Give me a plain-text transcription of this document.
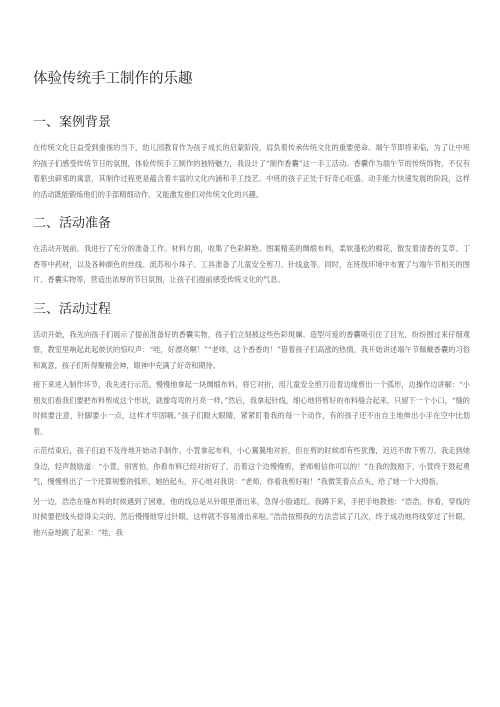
体验传统手工制作的乐趣
一、案例背景

在传统文化日益受到重视的当下，幼儿园教育作为孩子成长的启蒙阶段，肩负着传承传统文化的重要使命。端午节即将来临，为了让中班的孩子们感受传统节日的氛围，体验传统手工制作的独特魅力，我设计了“制作香囊”这一手工活动。香囊作为端午节的传统饰物，不仅有着驱虫辟邪的寓意，其制作过程更是蕴含着丰富的文化内涵和手工技艺。中班的孩子正处于好奇心旺盛、动手能力快速发展的阶段，这样的活动既能锻炼他们的手部精细动作，又能激发他们对传统文化的兴趣。

二、活动准备

在活动开展前，我进行了充分的准备工作。材料方面，收集了色彩鲜艳、图案精美的绸缎布料，柔软蓬松的棉花，散发着清香的艾草、丁香等中药材，以及各种颜色的丝线、流苏和小珠子。工具准备了儿童安全剪刀、针线盒等。同时，在班级环境中布置了与端午节相关的图片、香囊实物等，营造出浓厚的节日氛围，让孩子们提前感受传统文化的气息。

三、活动过程

活动开始，我先向孩子们展示了提前准备好的香囊实物，孩子们立刻被这些色彩斑斓、造型可爱的香囊吸引住了目光，纷纷围过来仔细观察，教室里响起此起彼伏的惊叹声：“哇，好漂亮啊！”“老师，这个香香的！”借着孩子们高涨的热情，我开始讲述端午节佩戴香囊的习俗和寓意，孩子们听得聚精会神，眼神中充满了好奇和期待。

接下来进入制作环节，我先进行示范。慢慢地拿起一块绸缎布料，将它对折，用儿童安全剪刀沿着边缘剪出一个弧形，边操作边讲解：“小朋友们看我们要把布料剪成这个形状，就像弯弯的月亮一样。”然后，我拿起针线，细心地将剪好的布料缝合起来，只留下一个小口，“缝的时候要注意，针脚要小一点，这样才牢固哦。”孩子们瞪大眼睛，紧紧盯着我的每一个动作，有的孩子还不由自主地伸出小手在空中比划着。

示范结束后，孩子们迫不及待地开始动手制作。小萱拿起布料，小心翼翼地对折，但在剪的时候却有些犹豫，迟迟不敢下剪刀。我走到她身边，轻声鼓励道：“小萱，别害怕，你看布料已经对折好了，沿着这个边慢慢剪，老师相信你可以的！”在我的鼓励下，小萱终于鼓起勇气，慢慢剪出了一个还算规整的弧形，她抬起头，开心地对我说：“老师，你看我剪好啦！”我微笑着点点头，给了她一个大拇指。

另一边，浩浩在缝布料的时候遇到了困难，他的线总是从针眼里滑出来，急得小脸通红。我蹲下来，手把手地教他：“浩浩，你看，穿线的时候要把线头捻得尖尖的，然后慢慢地穿过针眼，这样就不容易滑出来啦。”浩浩按照我的方法尝试了几次，终于成功地将线穿过了针眼，他兴奋地跳了起来：“哇，我
